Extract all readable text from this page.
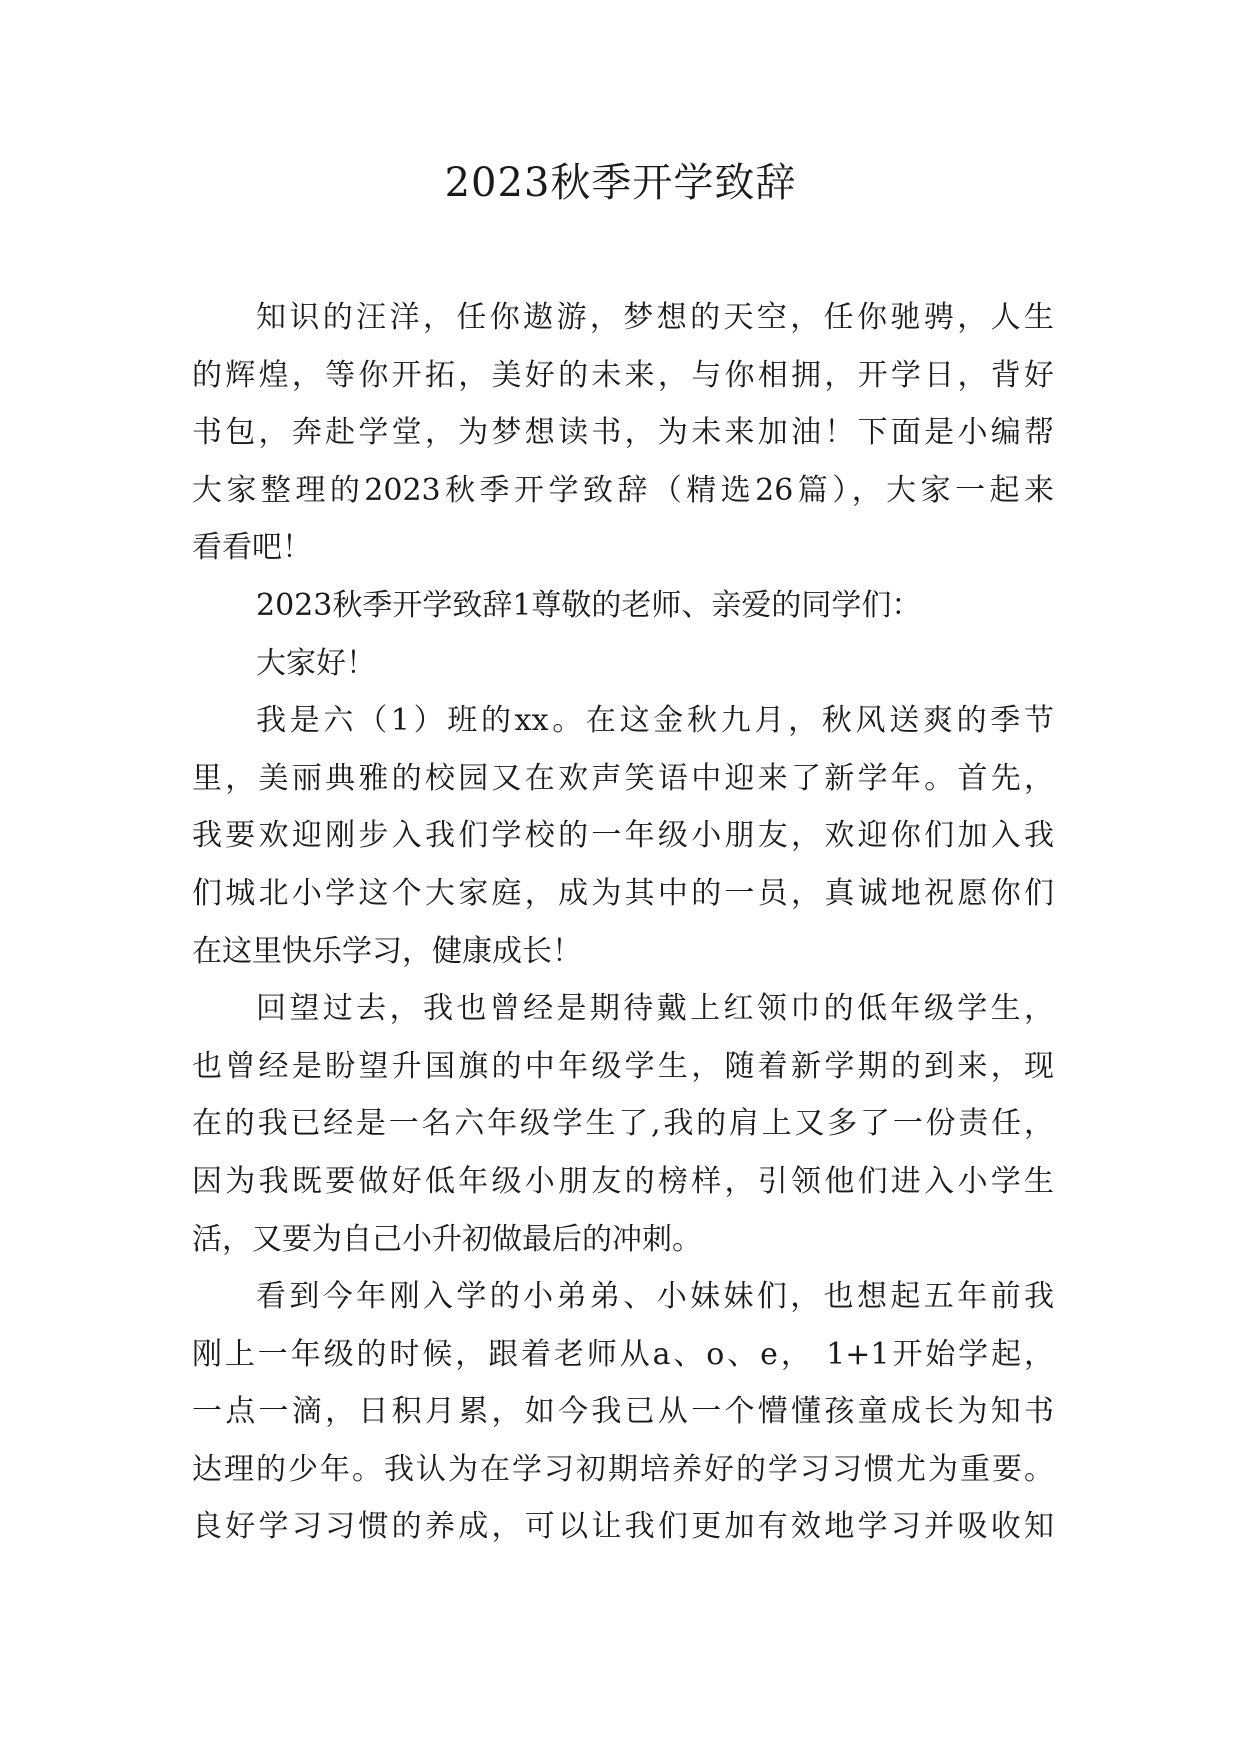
2023秋季开学致辞
知识的汪洋，任你遨游，梦想的天空，任你驰骋，人生
的辉煌，等你开拓，美好的未来，与你相拥，开学日，背好
书包，奔赴学堂，为梦想读书，为未来加油！下面是小编帮
大家整理的2023秋季开学致辞（精选26篇），大家一起来
看看吧！
2023秋季开学致辞1尊敬的老师、亲爱的同学们：
大家好！
我是六（1）班的xx。在这金秋九月，秋风送爽的季节
里，美丽典雅的校园又在欢声笑语中迎来了新学年。首先，
我要欢迎刚步入我们学校的一年级小朋友，欢迎你们加入我
们城北小学这个大家庭，成为其中的一员，真诚地祝愿你们
在这里快乐学习，健康成长！
回望过去，我也曾经是期待戴上红领巾的低年级学生，
也曾经是盼望升国旗的中年级学生，随着新学期的到来，现
在的我已经是一名六年级学生了,我的肩上又多了一份责任，
因为我既要做好低年级小朋友的榜样，引领他们进入小学生
活，又要为自己小升初做最后的冲刺。
看到今年刚入学的小弟弟、小妹妹们，也想起五年前我
刚上一年级的时候，跟着老师从a、o、e， 1+1开始学起，
一点一滴，日积月累，如今我已从一个懵懂孩童成长为知书
达理的少年。我认为在学习初期培养好的学习习惯尤为重要。
良好学习习惯的养成，可以让我们更加有效地学习并吸收知
